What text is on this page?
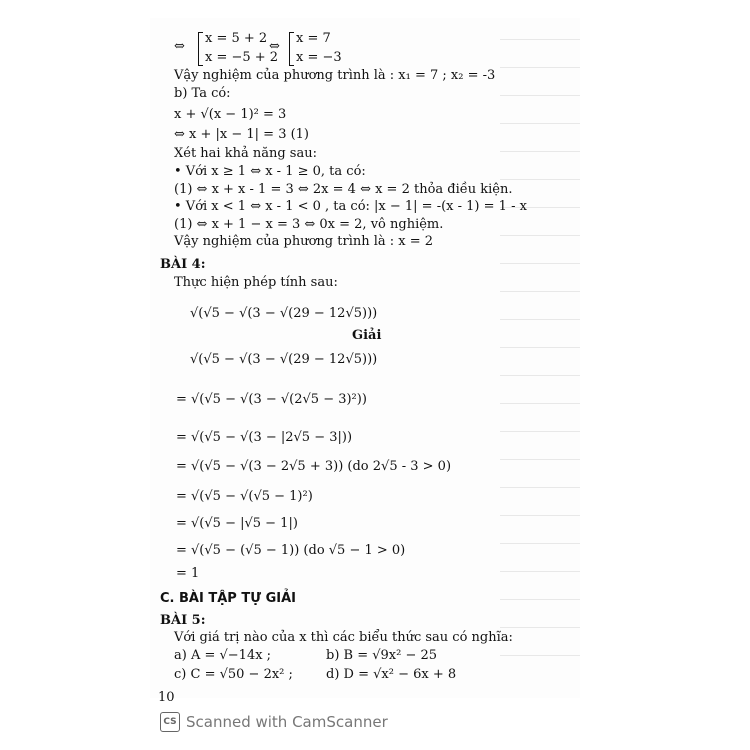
⇔
x = 5 + 2
x = −5 + 2
⇔
x = 7
x = −3
Vậy nghiệm của phương trình là : x₁ = 7 ; x₂ = -3
b) Ta có:
x + √(x − 1)² = 3
⇔ x + |x − 1| = 3 (1)
Xét hai khả năng sau:
• Với x ≥ 1 ⇔ x - 1 ≥ 0, ta có:
(1) ⇔ x + x - 1 = 3 ⇔ 2x = 4 ⇔ x = 2 thỏa điều kiện.
• Với x < 1 ⇔ x - 1 < 0 , ta có: |x − 1| = -(x - 1) = 1 - x
(1) ⇔ x + 1 − x = 3 ⇔ 0x = 2, vô nghiệm.
Vậy nghiệm của phương trình là : x = 2
BÀI 4:
Thực hiện phép tính sau:
√(√5 − √(3 − √(29 − 12√5)))
Giải
√(√5 − √(3 − √(29 − 12√5)))
= √(√5 − √(3 − √(2√5 − 3)²))
= √(√5 − √(3 − |2√5 − 3|))
= √(√5 − √(3 − 2√5 + 3)) (do 2√5 - 3 > 0)
= √(√5 − √(√5 − 1)²)
= √(√5 − |√5 − 1|)
= √(√5 − (√5 − 1)) (do √5 − 1 > 0)
= 1
C. BÀI TẬP TỰ GIẢI
BÀI 5:
Với giá trị nào của x thì các biểu thức sau có nghĩa:
a) A = √−14x ;	b) B = √9x² − 25
c) C = √50 − 2x² ;	d) D = √x² − 6x + 8
10
CS Scanned with CamScanner
